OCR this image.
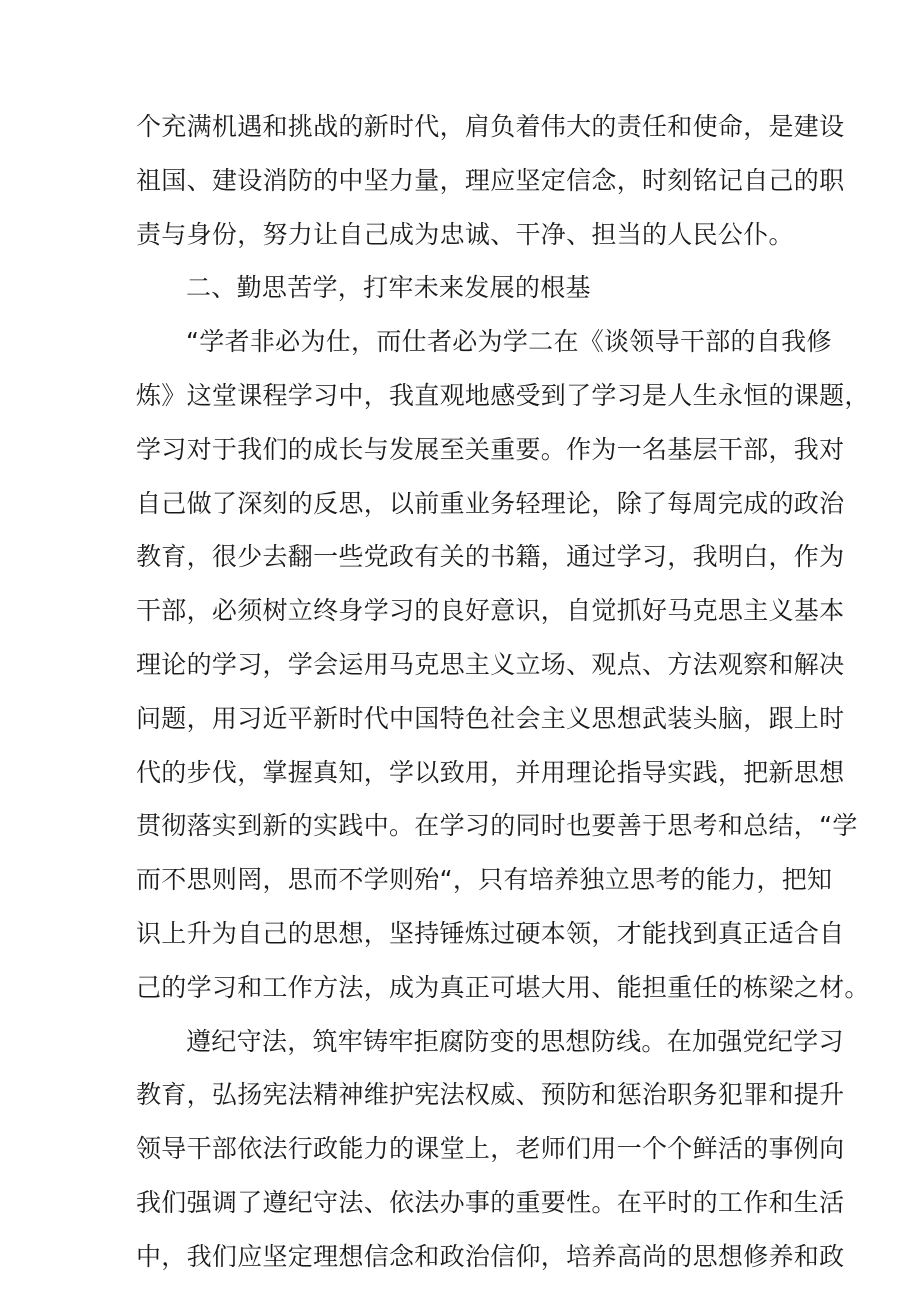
个充满机遇和挑战的新时代，肩负着伟大的责任和使命，是建设
祖国、建设消防的中坚力量，理应坚定信念，时刻铭记自己的职
责与身份，努力让自己成为忠诚、干净、担当的人民公仆。
二、勤思苦学，打牢未来发展的根基
“学者非必为仕，而仕者必为学二在《谈领导干部的自我修
炼》这堂课程学习中，我直观地感受到了学习是人生永恒的课题，
学习对于我们的成长与发展至关重要。作为一名基层干部，我对
自己做了深刻的反思，以前重业务轻理论，除了每周完成的政治
教育，很少去翻一些党政有关的书籍，通过学习，我明白，作为
干部，必须树立终身学习的良好意识，自觉抓好马克思主义基本
理论的学习，学会运用马克思主义立场、观点、方法观察和解决
问题，用习近平新时代中国特色社会主义思想武装头脑，跟上时
代的步伐，掌握真知，学以致用，并用理论指导实践，把新思想
贯彻落实到新的实践中。在学习的同时也要善于思考和总结，“学
而不思则罔，思而不学则殆“，只有培养独立思考的能力，把知
识上升为自己的思想，坚持锤炼过硬本领，才能找到真正适合自
己的学习和工作方法，成为真正可堪大用、能担重任的栋梁之材。
遵纪守法，筑牢铸牢拒腐防变的思想防线。在加强党纪学习
教育，弘扬宪法精神维护宪法权威、预防和惩治职务犯罪和提升
领导干部依法行政能力的课堂上，老师们用一个个鲜活的事例向
我们强调了遵纪守法、依法办事的重要性。在平时的工作和生活
中，我们应坚定理想信念和政治信仰，培养高尚的思想修养和政
